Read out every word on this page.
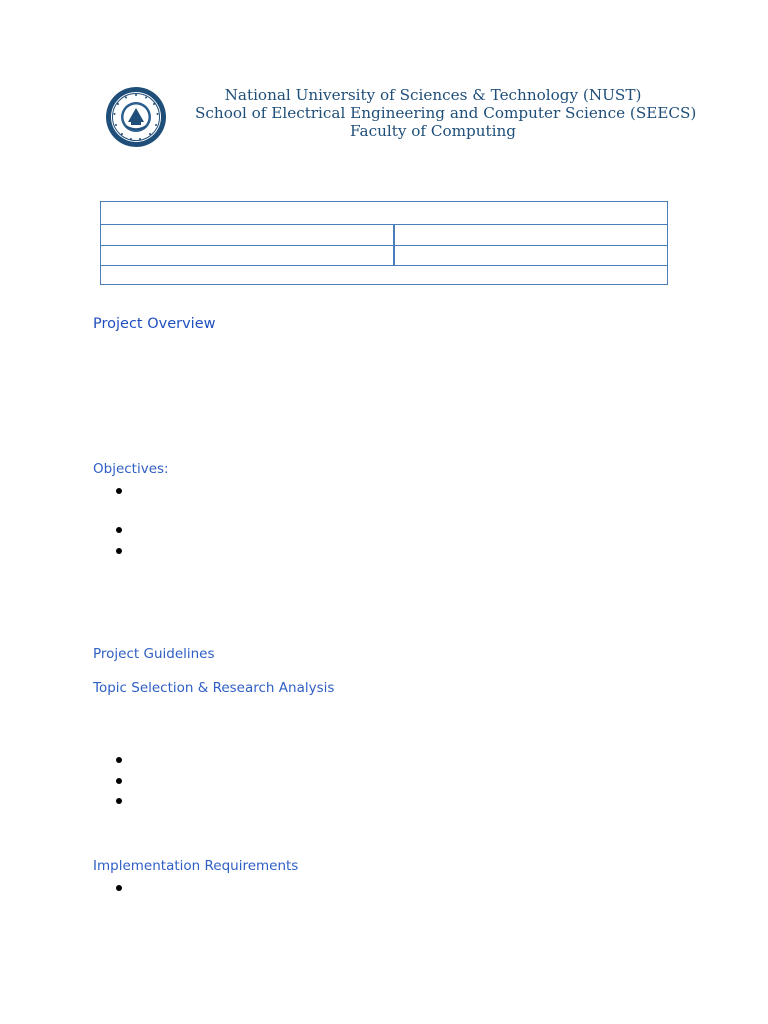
National University of Sciences & Technology (NUST)
School of Electrical Engineering and Computer Science (SEECS)
Faculty of Computing
Project Overview
Objectives:
Project Guidelines
Topic Selection & Research Analysis
Implementation Requirements
